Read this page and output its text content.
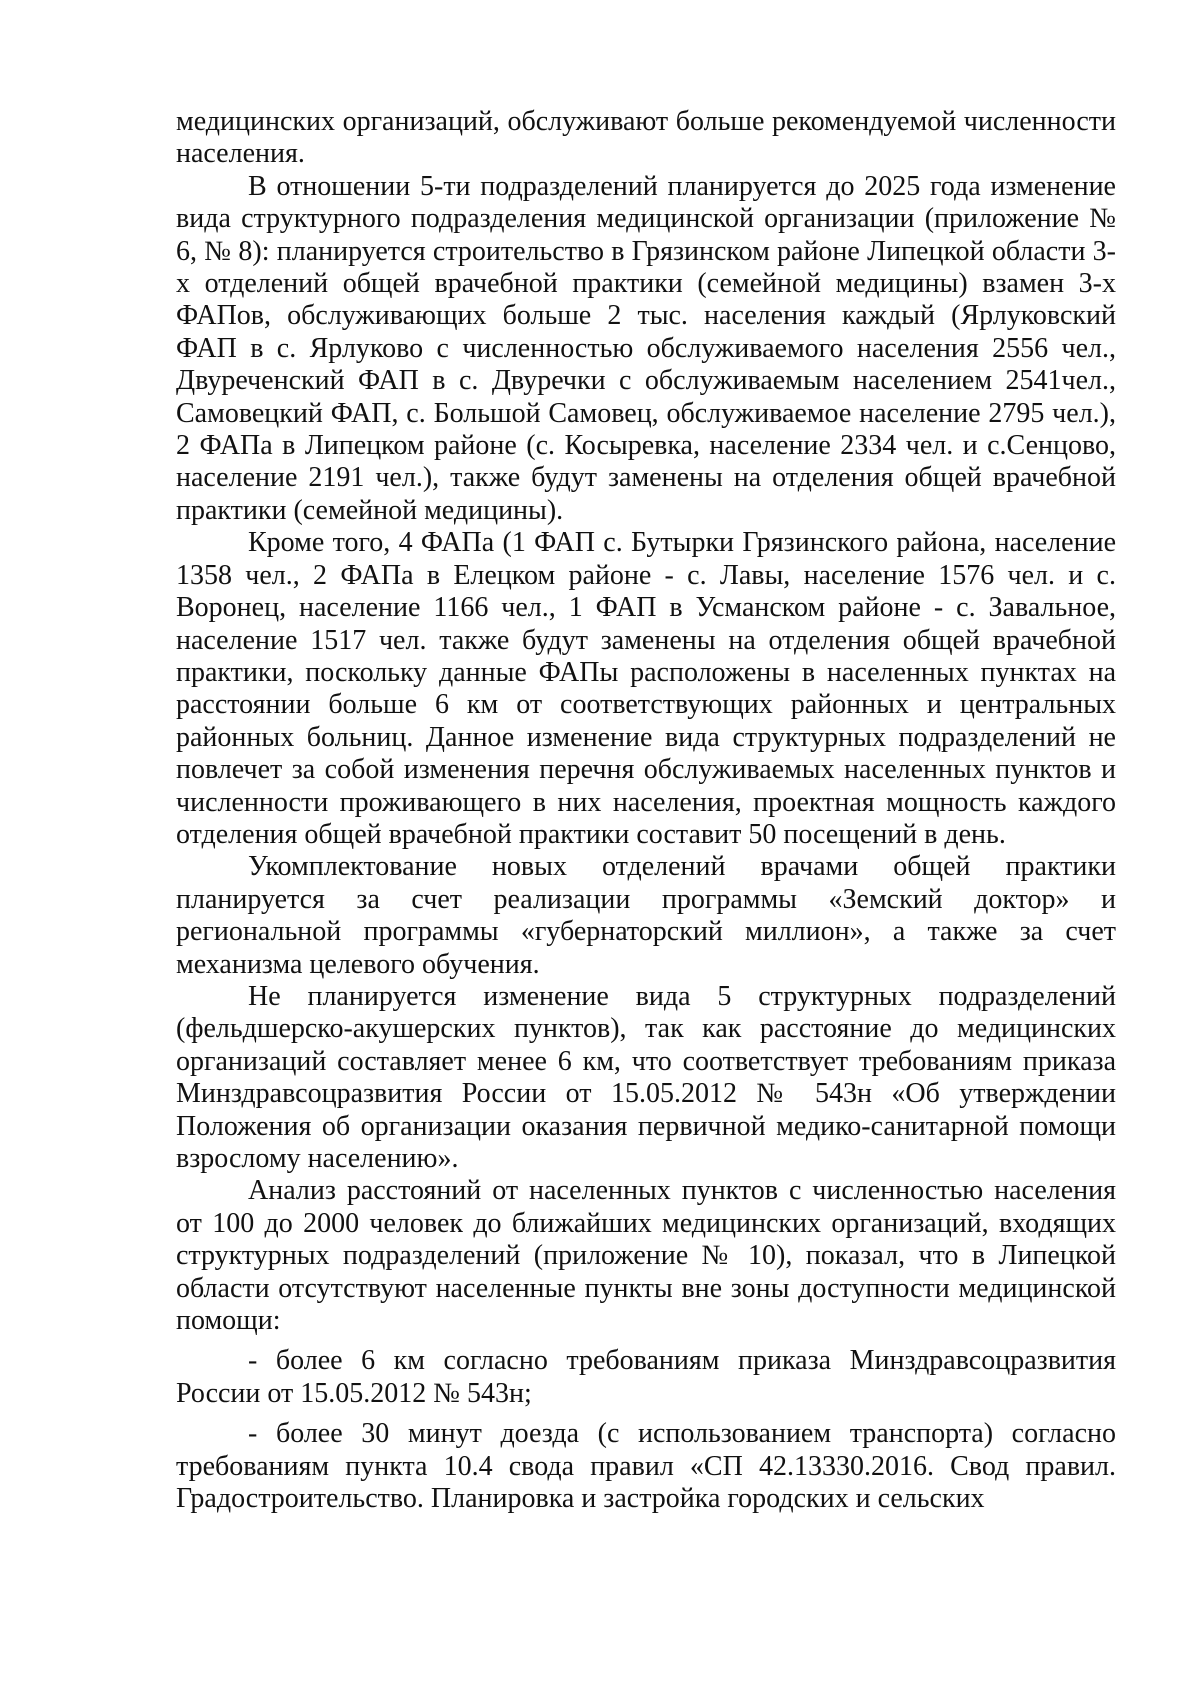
медицинских организаций, обслуживают больше рекомендуемой численности населения.

В отношении 5-ти подразделений планируется до 2025 года изменение вида структурного подразделения медицинской организации (приложение № 6, № 8): планируется строительство в Грязинском районе Липецкой области 3-х отделений общей врачебной практики (семейной медицины) взамен 3-х ФАПов, обслуживающих больше 2 тыс. населения каждый (Ярлуковский ФАП в с. Ярлуково с численностью обслуживаемого населения 2556 чел., Двуреченский ФАП в с. Двуречки с обслуживаемым населением 2541чел., Самовецкий ФАП, с. Большой Самовец, обслуживаемое население 2795 чел.), 2 ФАПа в Липецком районе (с. Косыревка, население 2334 чел. и с.Сенцово, население 2191 чел.), также будут заменены на отделения общей врачебной практики (семейной медицины).

Кроме того, 4 ФАПа (1 ФАП с. Бутырки Грязинского района, население 1358 чел., 2 ФАПа в Елецком районе - с. Лавы, население 1576 чел. и с. Воронец, население 1166 чел., 1 ФАП в Усманском районе - с. Завальное, население 1517 чел. также будут заменены на отделения общей врачебной практики, поскольку данные ФАПы расположены в населенных пунктах на расстоянии больше 6 км от соответствующих районных и центральных районных больниц. Данное изменение вида структурных подразделений не повлечет за собой изменения перечня обслуживаемых населенных пунктов и численности проживающего в них населения, проектная мощность каждого отделения общей врачебной практики составит 50 посещений в день.

Укомплектование новых отделений врачами общей практики планируется за счет реализации программы «Земский доктор» и региональной программы «губернаторский миллион», а также за счет механизма целевого обучения.

Не планируется изменение вида 5 структурных подразделений (фельдшерско-акушерских пунктов), так как расстояние до медицинских организаций составляет менее 6 км, что соответствует требованиям приказа Минздравсоцразвития России от 15.05.2012 № 543н «Об утверждении Положения об организации оказания первичной медико-санитарной помощи взрослому населению».

Анализ расстояний от населенных пунктов с численностью населения от 100 до 2000 человек до ближайших медицинских организаций, входящих структурных подразделений (приложение № 10), показал, что в Липецкой области отсутствуют населенные пункты вне зоны доступности медицинской помощи:

- более 6 км согласно требованиям приказа Минздравсоцразвития России от 15.05.2012 № 543н;

- более 30 минут доезда (с использованием транспорта) согласно требованиям пункта 10.4 свода правил «СП 42.13330.2016. Свод правил. Градостроительство. Планировка и застройка городских и сельских
